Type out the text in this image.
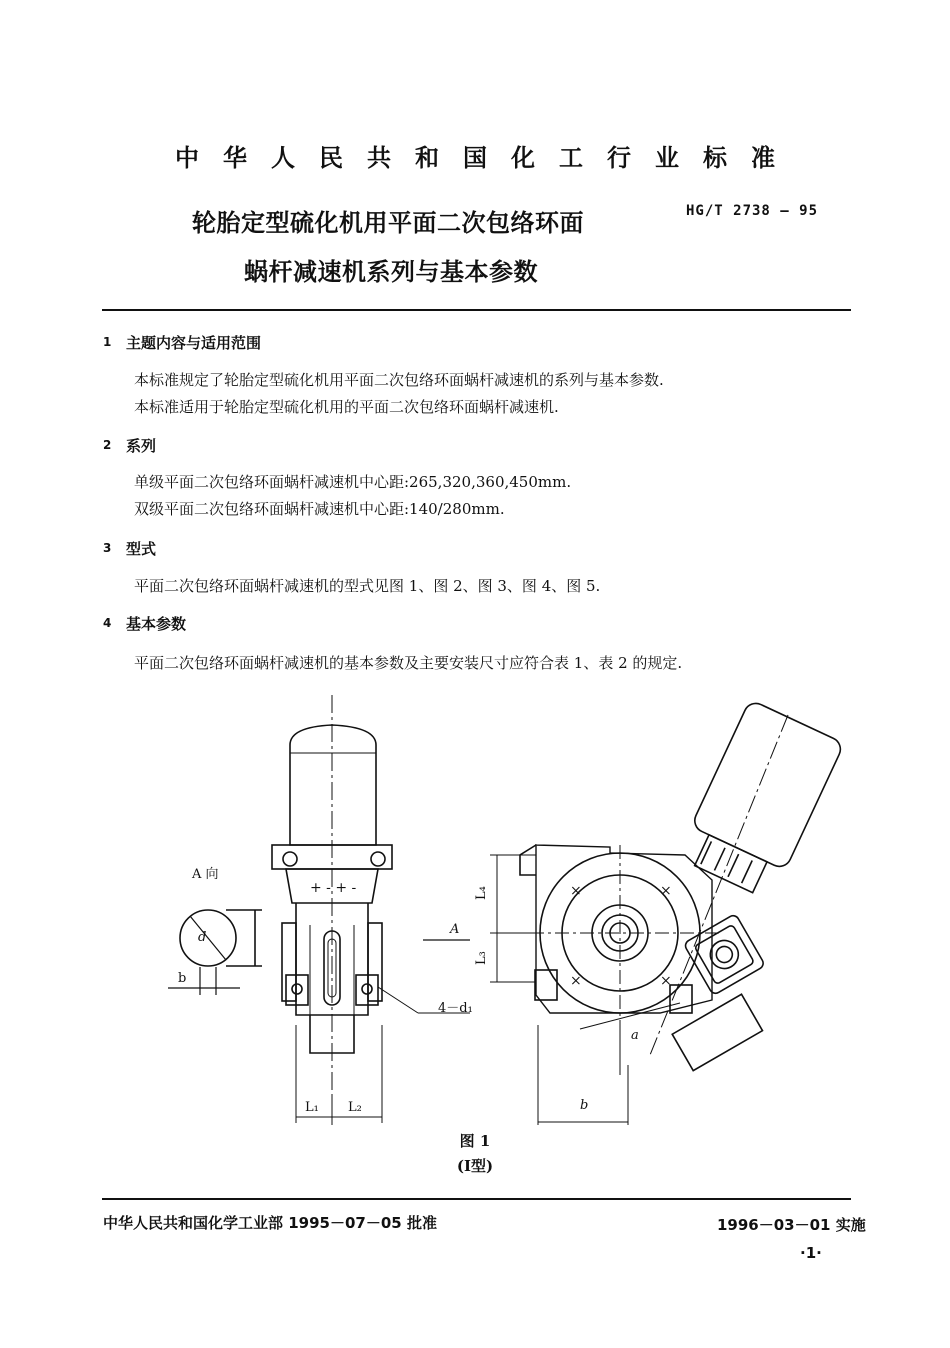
中华人民共和国化工行业标准
轮胎定型硫化机用平面二次包络环面
蜗杆减速机系列与基本参数
HG/T 2738 — 95
1 主题内容与适用范围
本标准规定了轮胎定型硫化机用平面二次包络环面蜗杆减速机的系列与基本参数.
本标准适用于轮胎定型硫化机用的平面二次包络环面蜗杆减速机.
2 系列
单级平面二次包络环面蜗杆减速机中心距:265,320,360,450mm.
双级平面二次包络环面蜗杆减速机中心距:140/280mm.
3 型式
平面二次包络环面蜗杆减速机的型式见图 1、图 2、图 3、图 4、图 5.
4 基本参数
平面二次包络环面蜗杆减速机的基本参数及主要安装尺寸应符合表 1、表 2 的规定.
+ - + -	×	×
×	×
A 向
d
b
A
4－d₁
L₁ L₂
L₃
L₄
a
b
图 1
(Ⅰ型)
中华人民共和国化学工业部 1995－07－05 批准	1996－03－01 实施
·1·
